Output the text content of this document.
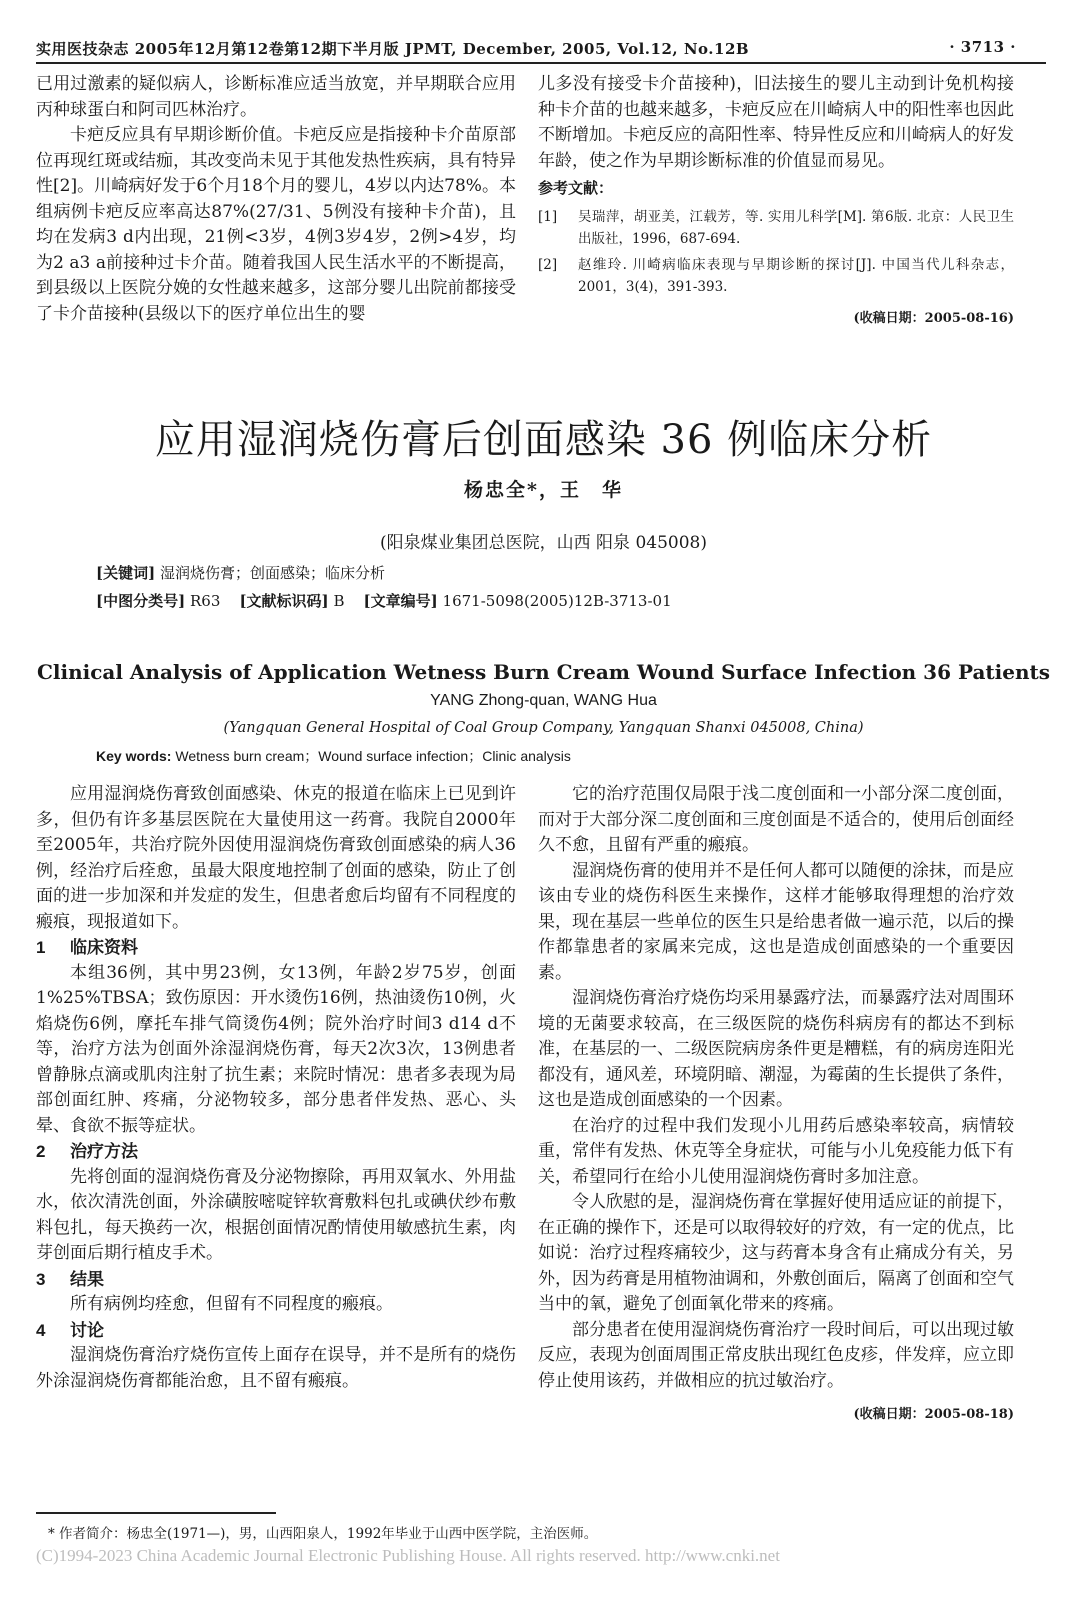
实用医技杂志 2005年12月第12卷第12期下半月版 JPMT, December, 2005, Vol.12, No.12B	· 3713 ·

已用过激素的疑似病人，诊断标准应适当放宽，并早期联合应用丙种球蛋白和阿司匹林治疗。

卡疤反应具有早期诊断价值。卡疤反应是指接种卡介苗原部位再现红斑或结痂，其改变尚未见于其他发热性疾病，具有特异性[2]。川崎病好发于6个月18个月的婴儿，4岁以内达78%。本组病例卡疤反应率高达87%(27/31、5例没有接种卡介苗)，且均在发病3 d内出现，21例<3岁，4例3岁4岁，2例>4岁，均为2 a3 a前接种过卡介苗。随着我国人民生活水平的不断提高，到县级以上医院分娩的女性越来越多，这部分婴儿出院前都接受了卡介苗接种(县级以下的医疗单位出生的婴

儿多没有接受卡介苗接种)，旧法接生的婴儿主动到计免机构接种卡介苗的也越来越多，卡疤反应在川崎病人中的阳性率也因此不断增加。卡疤反应的高阳性率、特异性反应和川崎病人的好发年龄，使之作为早期诊断标准的价值显而易见。

参考文献：
[1]	吴瑞萍，胡亚美，江载芳，等. 实用儿科学[M]. 第6版. 北京：人民卫生出版社，1996，687-694.
[2]	赵维玲. 川崎病临床表现与早期诊断的探讨[J]. 中国当代儿科杂志，2001，3(4)，391-393.
(收稿日期：2005-08-16)
应用湿润烧伤膏后创面感染 36 例临床分析
杨忠全*，王　华
(阳泉煤业集团总医院，山西 阳泉 045008)
[关键词] 湿润烧伤膏；创面感染；临床分析
[中图分类号] R63 [文献标识码] B [文章编号] 1671-5098(2005)12B-3713-01
Clinical Analysis of Application Wetness Burn Cream Wound Surface Infection 36 Patients
YANG Zhong-quan, WANG Hua
(Yangquan General Hospital of Coal Group Company, Yangquan Shanxi 045008, China)
Key words: Wetness burn cream；Wound surface infection；Clinic analysis

应用湿润烧伤膏致创面感染、休克的报道在临床上已见到许多，但仍有许多基层医院在大量使用这一药膏。我院自2000年至2005年，共治疗院外因使用湿润烧伤膏致创面感染的病人36例，经治疗后痊愈，虽最大限度地控制了创面的感染，防止了创面的进一步加深和并发症的发生，但患者愈后均留有不同程度的瘢痕，现报道如下。

1 临床资料

本组36例，其中男23例，女13例，年龄2岁75岁，创面1%25%TBSA；致伤原因：开水烫伤16例，热油烫伤10例，火焰烧伤6例，摩托车排气筒烫伤4例；院外治疗时间3 d14 d不等，治疗方法为创面外涂湿润烧伤膏，每天2次3次，13例患者曾静脉点滴或肌肉注射了抗生素；来院时情况：患者多表现为局部创面红肿、疼痛，分泌物较多，部分患者伴发热、恶心、头晕、食欲不振等症状。

2 治疗方法

先将创面的湿润烧伤膏及分泌物擦除，再用双氧水、外用盐水，依次清洗创面，外涂磺胺嘧啶锌软膏敷料包扎或碘伏纱布敷料包扎，每天换药一次，根据创面情况酌情使用敏感抗生素，肉芽创面后期行植皮手术。

3 结果

所有病例均痊愈，但留有不同程度的瘢痕。

4 讨论

湿润烧伤膏治疗烧伤宣传上面存在误导，并不是所有的烧伤外涂湿润烧伤膏都能治愈，且不留有瘢痕。

它的治疗范围仅局限于浅二度创面和一小部分深二度创面，而对于大部分深二度创面和三度创面是不适合的，使用后创面经久不愈，且留有严重的瘢痕。

湿润烧伤膏的使用并不是任何人都可以随便的涂抹，而是应该由专业的烧伤科医生来操作，这样才能够取得理想的治疗效果，现在基层一些单位的医生只是给患者做一遍示范，以后的操作都靠患者的家属来完成，这也是造成创面感染的一个重要因素。

湿润烧伤膏治疗烧伤均采用暴露疗法，而暴露疗法对周围环境的无菌要求较高，在三级医院的烧伤科病房有的都达不到标准，在基层的一、二级医院病房条件更是糟糕，有的病房连阳光都没有，通风差，环境阴暗、潮湿，为霉菌的生长提供了条件，这也是造成创面感染的一个因素。

在治疗的过程中我们发现小儿用药后感染率较高，病情较重，常伴有发热、休克等全身症状，可能与小儿免疫能力低下有关，希望同行在给小儿使用湿润烧伤膏时多加注意。

令人欣慰的是，湿润烧伤膏在掌握好使用适应证的前提下，在正确的操作下，还是可以取得较好的疗效，有一定的优点，比如说：治疗过程疼痛较少，这与药膏本身含有止痛成分有关，另外，因为药膏是用植物油调和，外敷创面后，隔离了创面和空气当中的氧，避免了创面氧化带来的疼痛。

部分患者在使用湿润烧伤膏治疗一段时间后，可以出现过敏反应，表现为创面周围正常皮肤出现红色皮疹，伴发痒，应立即停止使用该药，并做相应的抗过敏治疗。

(收稿日期：2005-08-18)
* 作者简介：杨忠全(1971—)，男，山西阳泉人，1992年毕业于山西中医学院，主治医师。
(C)1994-2023 China Academic Journal Electronic Publishing House. All rights reserved. http://www.cnki.net
